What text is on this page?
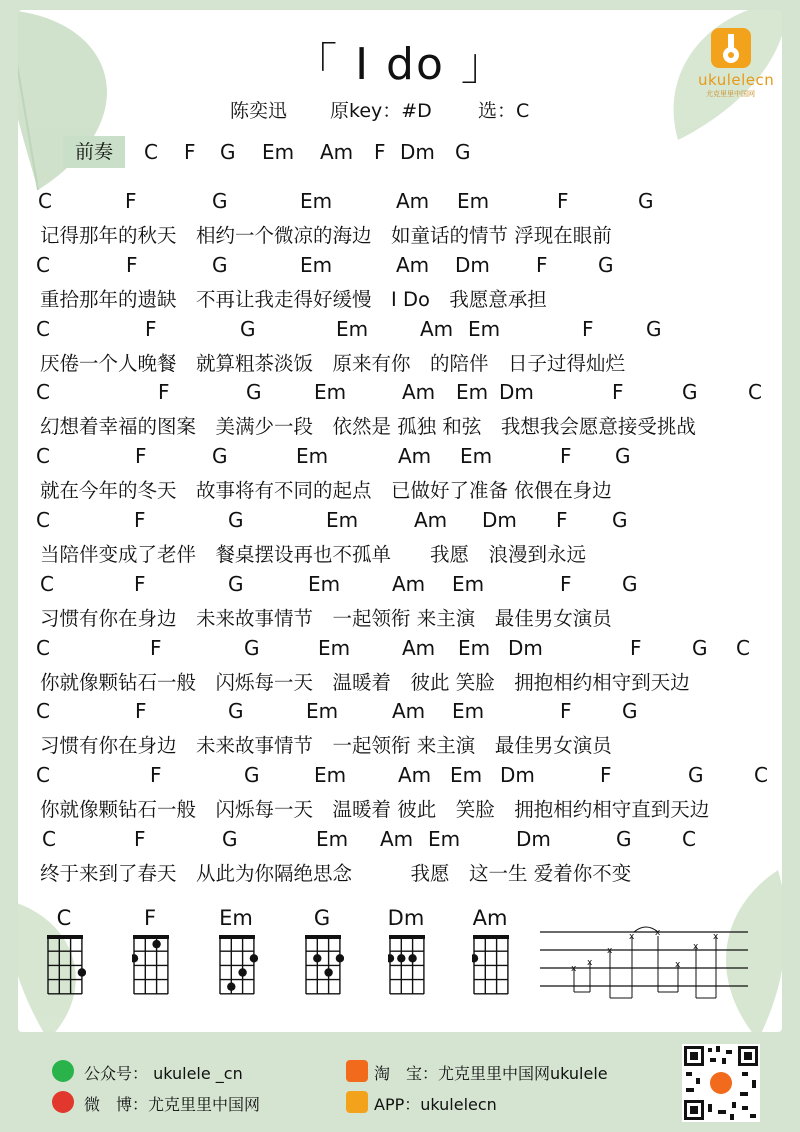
「 I do 」
陈奕迅 原key：#D 选：C
ukulelecn
尤克里里中国网
前奏	C F G Em Am F Dm G
C	F	G	Em	Am Em	F	G
记得那年的秋天　相约一个微凉的海边　如童话的情节 浮现在眼前
C	F	G	Em	Am Dm F	G
重拾那年的遗缺　不再让我走得好缓慢　I Do　我愿意承担
C	F	G	Em	Am Em	F	G
厌倦一个人晚餐　就算粗茶淡饭　原来有你　的陪伴　日子过得灿烂
C	F	G	Em	Am Em Dm	F	G	C
幻想着幸福的图案　美满少一段　依然是 孤独 和弦　我想我会愿意接受挑战
C	F	G	Em	Am Em	F G
就在今年的冬天　故事将有不同的起点　已做好了准备 依偎在身边
C	F	G	Em	Am Dm F G
当陪伴变成了老伴　餐桌摆设再也不孤单　　我愿　浪漫到永远
C	F	G	Em	Am Em	F	G
习惯有你在身边　未来故事情节　一起领衔 来主演　最佳男女演员
C	F	G	Em	Am Em Dm	F	G C
你就像颗钻石一般　闪烁每一天　温暖着　彼此 笑脸　拥抱相约相守到天边
C	F	G	Em	Am Em	F	G
习惯有你在身边　未来故事情节　一起领衔 来主演　最佳男女演员
C	F	G	Em	Am Em Dm	F	G	C
你就像颗钻石一般　闪烁每一天　温暖着 彼此　笑脸　拥抱相约相守直到天边
C	F	G	Em Am Em	Dm	G	C
终于来到了春天　从此为你隔绝思念　　　我愿　这一生 爱着你不变
C	F	Em	G	Dm	Am
x
x
x
x x
x
x
x
公众号： ukulele _cn
微　博：尤克里里中国网
淘　宝：尤克里里中国网ukulele
APP：ukulelecn
